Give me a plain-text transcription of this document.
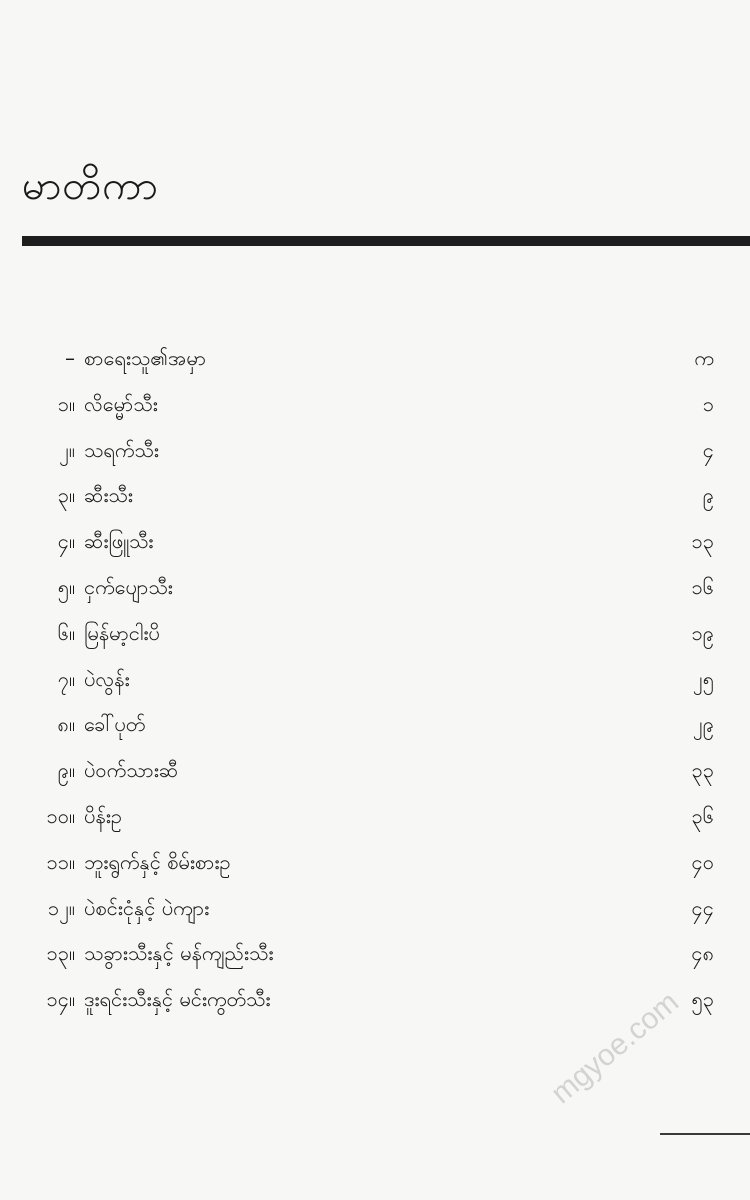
မာတိကာ
– စာရေးသူ၏အမှာ	က
၁။ လိမ္မော်သီး	၁
၂။ သရက်သီး	၄
၃။ ဆီးသီး	၉
၄။ ဆီးဖြူသီး	၁၃
၅။ ငှက်ပျောသီး	၁၆
၆။ မြန်မာ့ငါးပိ	၁၉
၇။ ပဲလွန်း	၂၅
၈။ ခေါ်ပုတ်	၂၉
၉။ ပဲဝက်သားဆီ	၃၃
၁၀။ ပိန်းဥ	၃၆
၁၁။ ဘူးရွက်နှင့် စိမ်းစားဥ	၄၀
၁၂။ ပဲစင်းငုံနှင့် ပဲကျား	၄၄
၁၃။ သခွားသီးနှင့် မန်ကျည်းသီး	၄၈
၁၄။ ဒူးရင်းသီးနှင့် မင်းကွတ်သီး	၅၃
mgyoe.com
